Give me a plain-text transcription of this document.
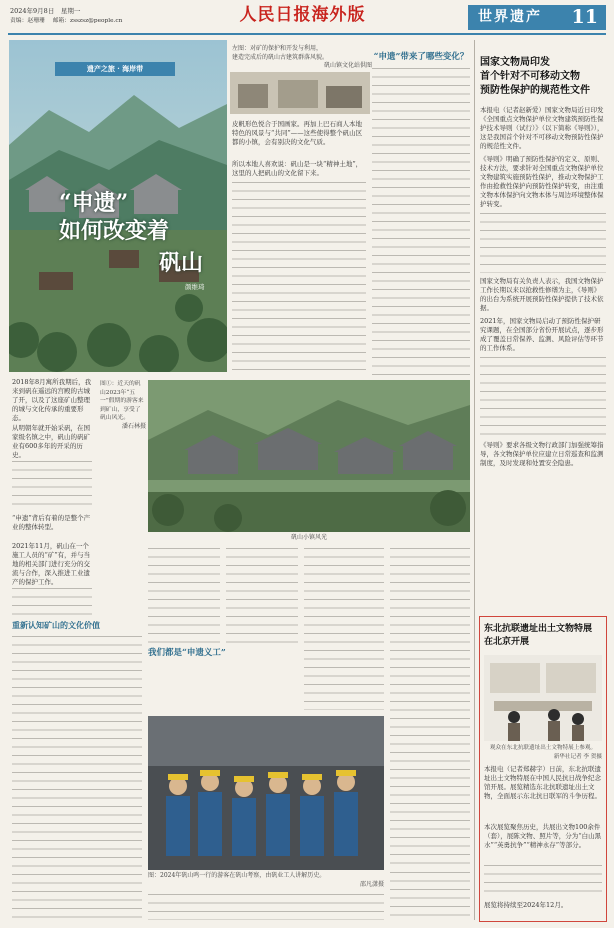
2024年9月8日　星期一
责编：赵珊珊 邮箱：zsszsz@people.cn	人民日报海外版	世界遗产 11
遗产之旅 · 海岸带
“申遗”
如何改变着
矾山
颜维琦
左图：对矿的保护和开发与利用，
建造完成后的矾山古建筑群落风貌。
矾山镇文化站供图
2018年8月寓所我期后，我来到矾在遥远的宫殿的古城了开，以及了这座矿山整理的城与文化传承的重要形态。
从明朝年就开始采矾，在国家级名镇之中，矾山的矾矿业有600多年的开采的历史。
“申遗”背后有着的是整个产业的整体转型。
2021年11月，矾山在一个施工人员的“矿”有，并与当地的相关部门进行充分的交流与合作，深入推进工业遗产的保护工作。
重新认知矿山的文化价值
皮帆形色悦合于国画家。再加上巴石商人本地特色的风景与“共同”——这些使得整个矾山区都的小镇，会有别决的文化气质。
所以本地人喜欢说：矾山是一块“精神土地”，这里的人把矾山的文化留下来。
“申遗”带来了哪些变化？
图①：近天的矾山2023年“五一”假期的游客来到矿山，享受了矾山风光。
潘石林摄
矾山小镇风光
我们都是“申遗义工”
图：2024年矾山鸣一行的游客在矾山考察，由矾业工人讲解历史。
邵凡潇摄
国家文物局印发
首个针对不可移动文物
预防性保护的规范性文件
本报电（记者赵新爱）国家文物局近日印发《全国重点文物保护单位文物建筑预防性保护技术导则（试行）》（以下简称《导则》），这是我国首个针对不可移动文物预防性保护的规范性文件。
《导则》明确了预防性保护的定义、原则、技术方法，要求针对全国重点文物保护单位文物建筑实施预防性保护，推动文物保护工作由抢救性保护向预防性保护转变，由注重文物本体保护向文物本体与周边环境整体保护转变。
国家文物局有关负责人表示，我国文物保护工作长期以来以抢救性修缮为主，《导则》的出台为系统开展预防性保护提供了技术依据。
2021年，国家文物局启动了预防性保护研究课题，在全国部分省份开展试点，逐步形成了覆盖日常保养、监测、风险评估等环节的工作体系。
《导则》要求各级文物行政部门加强统筹指导，各文物保护单位应建立日常巡查和监测制度，及时发现和处置安全隐患。
东北抗联遗址出土文物特展
在北京开展
观众在东北抗联遗址出土文物特展上参观。
新华社记者 李 贺摄
本报电（记者郑赫宇）日前，东北抗联遗址出土文物特展在中国人民抗日战争纪念馆开展。展览精选东北抗联遗址出土文物，全面展示东北抗日联军的斗争历程。
本次展览聚焦历史，共展出文物100余件（套），展陈文物、照片等，分为“白山黑水”“英勇抗争”“精神永存”等部分。
展览将持续至2024年12月。
